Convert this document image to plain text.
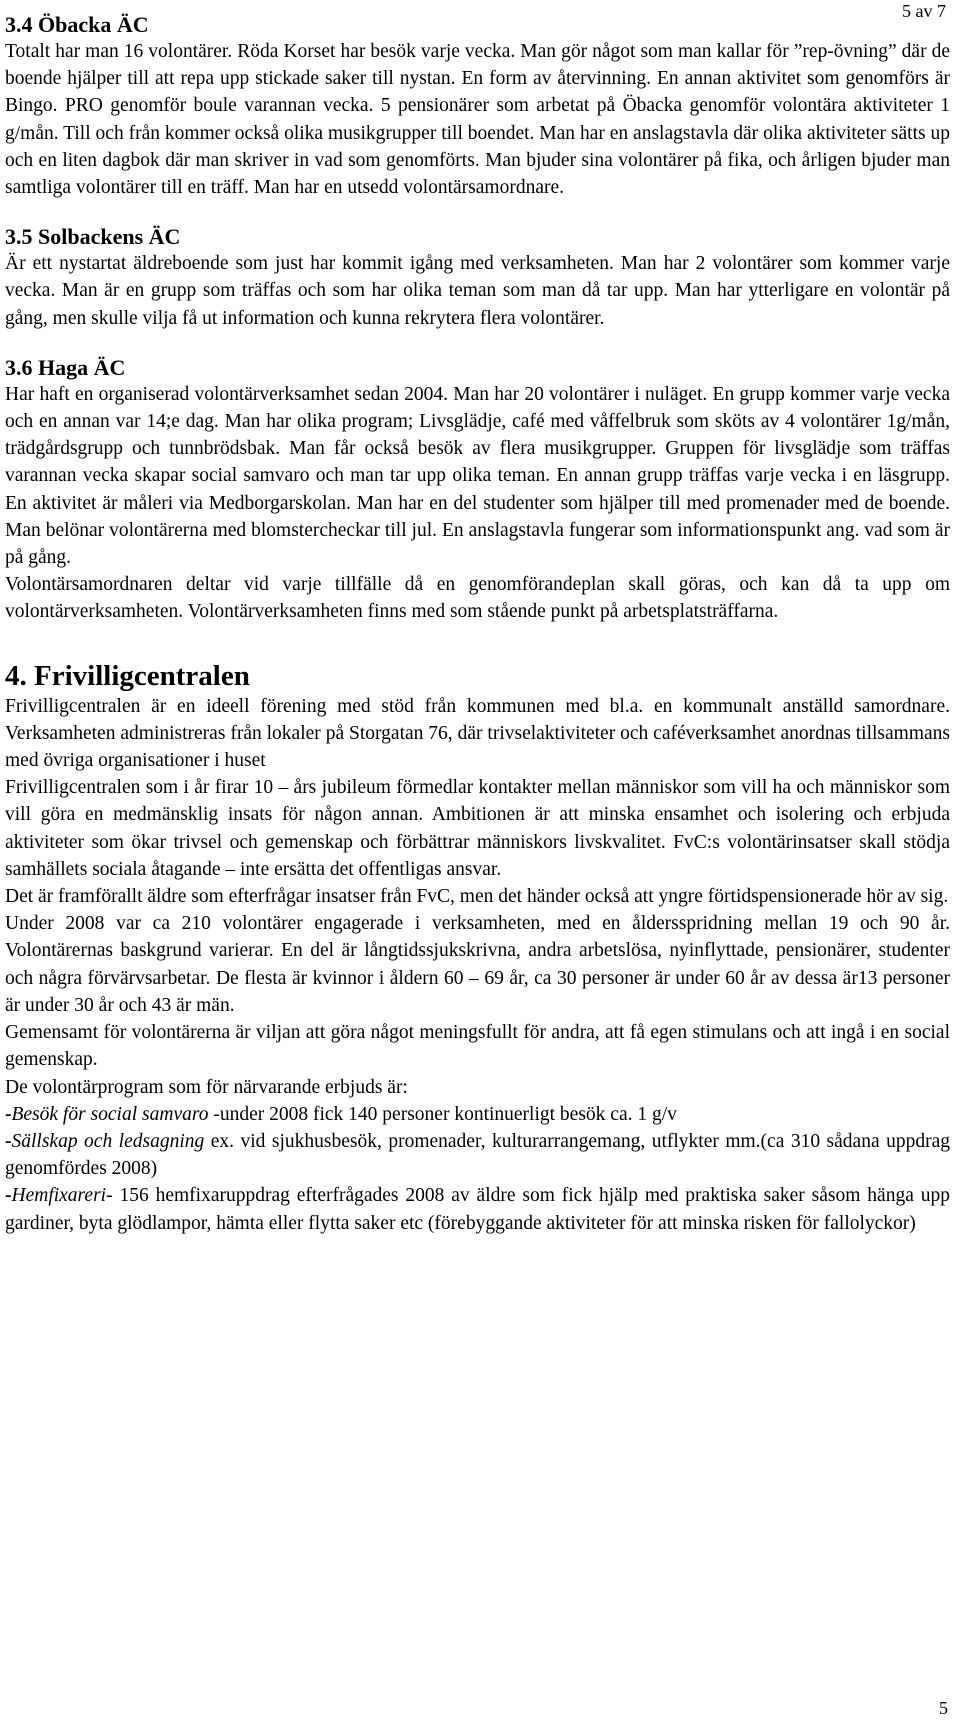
5 av 7
3.4 Öbacka ÄC

Totalt har man 16 volontärer. Röda Korset har besök varje vecka. Man gör något som man kallar för ”rep-övning” där de boende hjälper till att repa upp stickade saker till nystan. En form av återvinning. En annan aktivitet som genomförs är Bingo. PRO genomför boule varannan vecka. 5 pensionärer som arbetat på Öbacka genomför volontära aktiviteter 1 g/mån. Till och från kommer också olika musikgrupper till boendet. Man har en anslagstavla där olika aktiviteter sätts up och en liten dagbok där man skriver in vad som genomförts. Man bjuder sina volontärer på fika, och årligen bjuder man samtliga volontärer till en träff. Man har en utsedd volontärsamordnare.

3.5 Solbackens ÄC

Är ett nystartat äldreboende som just har kommit igång med verksamheten. Man har 2 volontärer som kommer varje vecka. Man är en grupp som träffas och som har olika teman som man då tar upp. Man har ytterligare en volontär på gång, men skulle vilja få ut information och kunna rekrytera flera volontärer.

3.6 Haga ÄC

Har haft en organiserad volontärverksamhet sedan 2004. Man har 20 volontärer i nuläget. En grupp kommer varje vecka och en annan var 14;e dag. Man har olika program; Livsglädje, café med våffelbruk som sköts av 4 volontärer 1g/mån, trädgårdsgrupp och tunnbrödsbak. Man får också besök av flera musikgrupper. Gruppen för livsglädje som träffas varannan vecka skapar social samvaro och man tar upp olika teman. En annan grupp träffas varje vecka i en läsgrupp. En aktivitet är måleri via Medborgarskolan. Man har en del studenter som hjälper till med promenader med de boende. Man belönar volontärerna med blomstercheckar till jul. En anslagstavla fungerar som informationspunkt ang. vad som är på gång.

Volontärsamordnaren deltar vid varje tillfälle då en genomförandeplan skall göras, och kan då ta upp om volontärverksamheten. Volontärverksamheten finns med som stående punkt på arbetsplatsträffarna.

4. Frivilligcentralen

Frivilligcentralen är en ideell förening med stöd från kommunen med bl.a. en kommunalt anställd samordnare. Verksamheten administreras från lokaler på Storgatan 76, där trivselaktiviteter och caféverksamhet anordnas tillsammans med övriga organisationer i huset

Frivilligcentralen som i år firar 10 – års jubileum förmedlar kontakter mellan människor som vill ha och människor som vill göra en medmänsklig insats för någon annan. Ambitionen är att minska ensamhet och isolering och erbjuda aktiviteter som ökar trivsel och gemenskap och förbättrar människors livskvalitet. FvC:s volontärinsatser skall stödja samhällets sociala åtagande – inte ersätta det offentligas ansvar.

Det är framförallt äldre som efterfrågar insatser från FvC, men det händer också att yngre förtidspensionerade hör av sig.

Under 2008 var ca 210 volontärer engagerade i verksamheten, med en åldersspridning mellan 19 och 90 år. Volontärernas baskgrund varierar. En del är långtidssjukskrivna, andra arbetslösa, nyinflyttade, pensionärer, studenter och några förvärvsarbetar. De flesta är kvinnor i åldern 60 – 69 år, ca 30 personer är under 60 år av dessa är13 personer är under 30 år och 43 är män.

Gemensamt för volontärerna är viljan att göra något meningsfullt för andra, att få egen stimulans och att ingå i en social gemenskap.

De volontärprogram som för närvarande erbjuds är:

-Besök för social samvaro -under 2008 fick 140 personer kontinuerligt besök ca. 1 g/v

-Sällskap och ledsagning ex. vid sjukhusbesök, promenader, kulturarrangemang, utflykter mm.(ca 310 sådana uppdrag genomfördes 2008)

-Hemfixareri- 156 hemfixaruppdrag efterfrågades 2008 av äldre som fick hjälp med praktiska saker såsom hänga upp gardiner, byta glödlampor, hämta eller flytta saker etc (förebyggande aktiviteter för att minska risken för fallolyckor)

5
